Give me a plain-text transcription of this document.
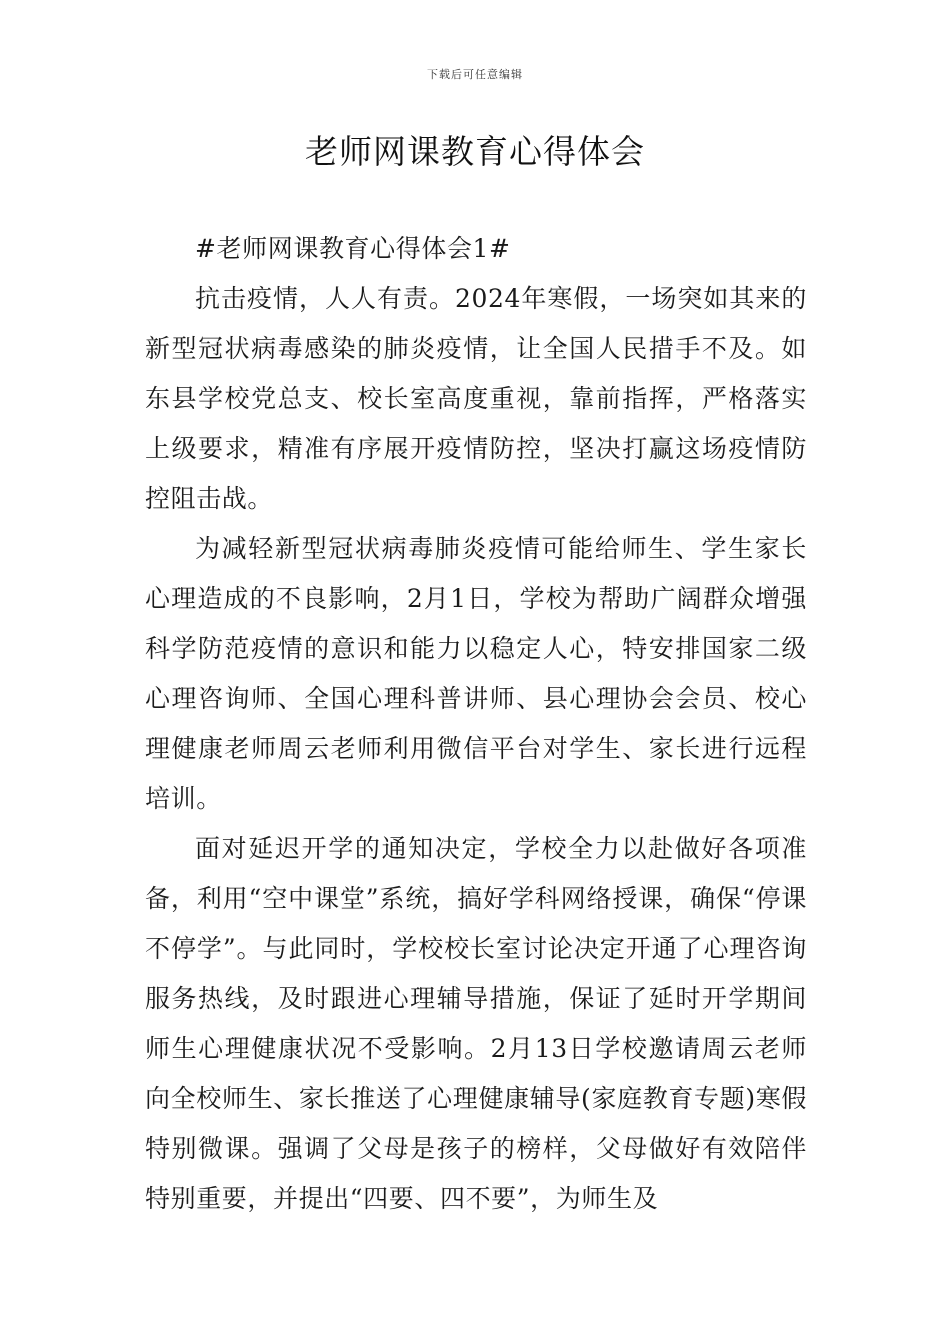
下载后可任意编辑
老师网课教育心得体会

#老师网课教育心得体会1#

抗击疫情，人人有责。2024年寒假，一场突如其来的新型冠状病毒感染的肺炎疫情，让全国人民措手不及。如东县学校党总支、校长室高度重视，靠前指挥，严格落实上级要求，精准有序展开疫情防控，坚决打赢这场疫情防控阻击战。

为减轻新型冠状病毒肺炎疫情可能给师生、学生家长心理造成的不良影响，2月1日，学校为帮助广阔群众增强科学防范疫情的意识和能力以稳定人心，特安排国家二级心理咨询师、全国心理科普讲师、县心理协会会员、校心理健康老师周云老师利用微信平台对学生、家长进行远程培训。

面对延迟开学的通知决定，学校全力以赴做好各项准备，利用“空中课堂”系统，搞好学科网络授课，确保“停课不停学”。与此同时，学校校长室讨论决定开通了心理咨询服务热线，及时跟进心理辅导措施，保证了延时开学期间师生心理健康状况不受影响。2月13日学校邀请周云老师向全校师生、家长推送了心理健康辅导(家庭教育专题)寒假特别微课。强调了父母是孩子的榜样，父母做好有效陪伴特别重要，并提出“四要、四不要”，为师生及
